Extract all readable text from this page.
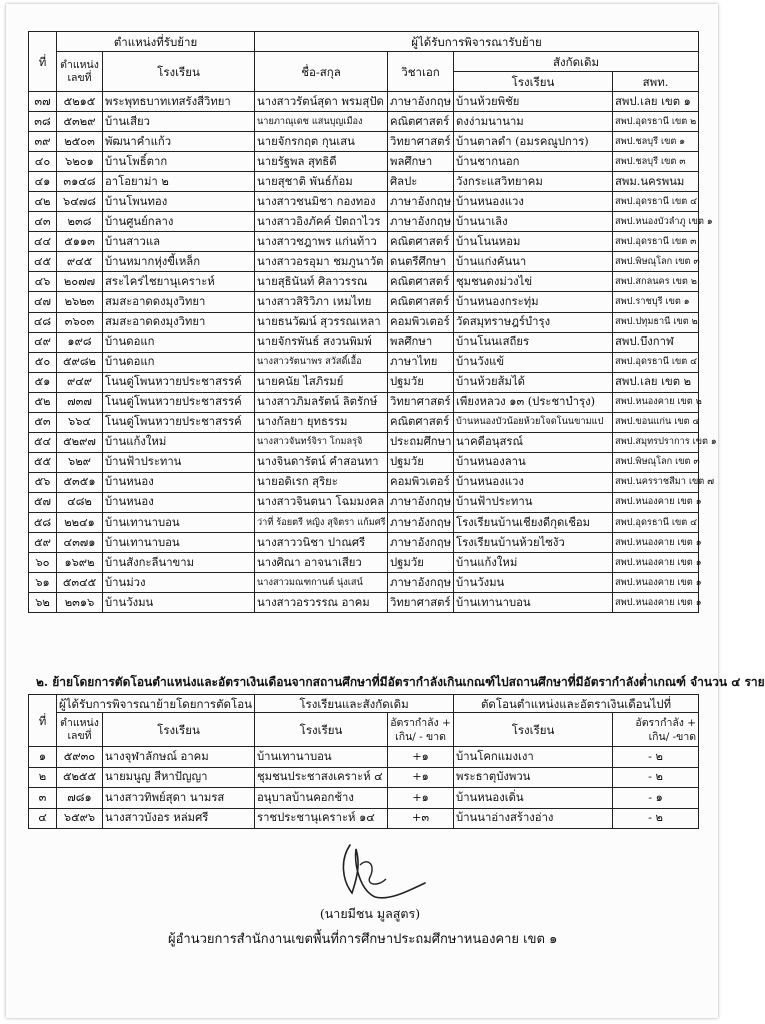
ที่	ตำแหน่งที่รับย้าย		ผู้ได้รับการพิจารณารับย้าย			
	ตำแหน่ง เลขที่	โรงเรียน	ชื่อ-สกุล	วิชาเอก	สังกัดเดิม	
					โรงเรียน	สพท.
๓๗	๕๒๑๕	พระพุทธบาทเทสรังสีวิทยา	นางสาวรัตน์สุดา พรมสุปัด	ภาษาอังกฤษ	บ้านห้วยพิชัย	สพป.เลย เขต ๑
๓๘	๕๓๒๙	บ้านเสียว	นายภาณุเดช แสนบุญเมือง	คณิตศาสตร์	ดงง่ามนานาม	สพป.อุดรธานี เขต ๒
๓๙	๒๕๐๓	พัฒนาคำแก้ว	นายจักรกฤต กุนเสน	วิทยาศาสตร์	บ้านตาลดำ (อมรคณูปการ)	สพป.ชลบุรี เขต ๑
๔๐	๖๒๐๑	บ้านโพธิ์ตาก	นายรัฐพล สุทธิดี	พลศึกษา	บ้านชากนอก	สพป.ชลบุรี เขต ๓
๔๑	๓๑๔๘	อาโอยาม่า ๒	นายสุชาติ พันธ์ก้อม	ศิลปะ	วังกระแสวิทยาคม	สพม.นครพนม
๔๒	๖๔๗๘	บ้านโพนทอง	นางสาวชนมิชา กองทอง	ภาษาอังกฤษ	บ้านหนองแวง	สพป.อุดรธานี เขต ๔
๔๓	๒๓๘	บ้านศูนย์กลาง	นางสาวอิงภัคค์ ปัตถาไวร	ภาษาอังกฤษ	บ้านนาเลิง	สพป.หนองบัวลำภู เขต ๑
๔๔	๕๑๑๓	บ้านสาวแล	นางสาวชฎาพร แก่นท้าว	คณิตศาสตร์	บ้านโนนหอม	สพป.อุดรธานี เขต ๓
๔๕	๙๔๕	บ้านหมากหุ่งขี้เหล็ก	นางสาวอรอุมา ชมภูนาวัต	ดนตรีศึกษา	บ้านแก่งคันนา	สพป.พิษณุโลก เขต ๓
๔๖	๒๐๗๗	สระไคร่ไชยานุเคราะห์	นายสุธินันท์ ศิลาวรรณ	คณิตศาสตร์	ชุมชนดงม่วงไข่	สพป.สกลนคร เขต ๒
๔๗	๒๖๒๓	สมสะอาดดงมุงวิทยา	นางสาวสิริวิภา เหมไทย	คณิตศาสตร์	บ้านหนองกระทุ่ม	สพป.ราชบุรี เขต ๑
๔๘	๓๖๐๓	สมสะอาดดงมุงวิทยา	นายธนวัฒน์ สุวรรณเหลา	คอมพิวเตอร์	วัดสมุทราษฎร์บำรุง	สพป.ปทุมธานี เขต ๒
๔๙	๑๙๘	บ้านดอแก	นายจักรพันธ์ สงวนพิมพ์	พลศึกษา	บ้านโนนเสถียร	สพป.บึงกาฬ
๕๐	๕๙๘๒	บ้านดอแก	นางสาวรัตนาพร สวัสดิ์เอื้อ	ภาษาไทย	บ้านวังแข้	สพป.อุดรธานี เขต ๔
๕๑	๙๔๙	โนนดู่โพนหวายประชาสรรค์	นายคนัย ไสภิรมย์	ปฐมวัย	บ้านห้วยส้มได้	สพป.เลย เขต ๒
๕๒	๗๓๗	โนนดู่โพนหวายประชาสรรค์	นางสาวภิมลรัตน์ ลิตรักษ์	วิทยาศาสตร์	เพียงหลวง ๑๓ (ประชาบำรุง)	สพป.หนองคาย เขต ๒
๕๓	๖๖๔	โนนดู่โพนหวายประชาสรรค์	นางกัลยา ยุทธรรม	คณิตศาสตร์	บ้านหนองบัวน้อยห้วยโจดโนนขามแป	สพป.ขอนแก่น เขต ๔
๕๔	๕๒๙๗	บ้านแก้งใหม่	นางสาวจันทร์จิรา โกมลรุจิ	ประถมศึกษา	นาคดีอนุสรณ์	สพป.สมุทรปราการ เขต ๑
๕๕	๖๒๙	บ้านฟ้าประทาน	นางจินดารัตน์ คำสอนทา	ปฐมวัย	บ้านหนองลาน	สพป.พิษณุโลก เขต ๓
๕๖	๕๓๕๑	บ้านหนอง	นายอดิเรก สุริยะ	คอมพิวเตอร์	บ้านหนองแวง	สพป.นครราชสีมา เขต ๗
๕๗	๔๘๒	บ้านหนอง	นางสาวจินตนา โฉมมงคล	ภาษาอังกฤษ	บ้านฟ้าประทาน	สพป.หนองคาย เขต ๑
๕๘	๒๒๔๑	บ้านเทานาบอน	ว่าที่ ร้อยตรี หญิง สุจิตรา แก้มศรี	ภาษาอังกฤษ	โรงเรียนบ้านเชียงดีกุดเชือม	สพป.อุดรธานี เขต ๔
๕๙	๔๓๗๑	บ้านเทานาบอน	นางสาววนิชา ปาณศรี	ภาษาอังกฤษ	โรงเรียนบ้านห้วยไซงัว	สพป.หนองคาย เขต ๑
๖๐	๑๖๙๒	บ้านสังกะลีนาขาม	นางศิณา อาจนาเสียว	ปฐมวัย	บ้านแก้งใหม่	สพป.หนองคาย เขต ๑
๖๑	๕๓๔๕	บ้านม่วง	นางสาวมณฑกานต์ นุ่งเสน์	ภาษาอังกฤษ	บ้านวังมน	สพป.หนองคาย เขต ๑
๖๒	๒๓๑๖	บ้านวังมน	นางสาวอรวรรณ อาคม	วิทยาศาสตร์	บ้านเทานาบอน	สพป.หนองคาย เขต ๑
๒. ย้ายโดยการตัดโอนตำแหน่งและอัตราเงินเดือนจากสถานศึกษาที่มีอัตรากำลังเกินเกณฑ์ไปสถานศึกษาที่มีอัตรากำลังต่ำเกณฑ์ จำนวน ๔ ราย
ที่	ผู้ได้รับการพิจารณาย้ายโดยการตัดโอน		โรงเรียนและสังกัดเดิม		ตัดโอนตำแหน่งและอัตราเงินเดือนไปที่	
	ตำแหน่ง เลขที่	โรงเรียน	โรงเรียน	อัตรากำลัง + เกิน/ - ขาด	โรงเรียน	อัตรากำลัง + เกิน/ -ขาด
๑	๕๙๓๐	นางจุฬาลักษณ์ อาคม	บ้านเทานาบอน	+๑	บ้านโคกแมงเงา	- ๒
๒	๕๒๕๕	นายมนูญ สีหาปัญญา	ชุมชนประชาสงเคราะห์ ๔	+๑	พระธาตุบังพวน	- ๒
๓	๗๘๑	นางสาวทิพย์สุดา นามรส	อนุบาลบ้านคอกช้าง	+๑	บ้านหนองเดิ่น	- ๑
๔	๖๕๙๖	นางสาวบังอร หล่มศรี	ราชประชานุเคราะห์ ๑๔	+๓	บ้านนาอ่างสร้างอ่าง	- ๒
(นายมีชน มูลสูตร)
ผู้อำนวยการสำนักงานเขตพื้นที่การศึกษาประถมศึกษาหนองคาย เขต ๑
